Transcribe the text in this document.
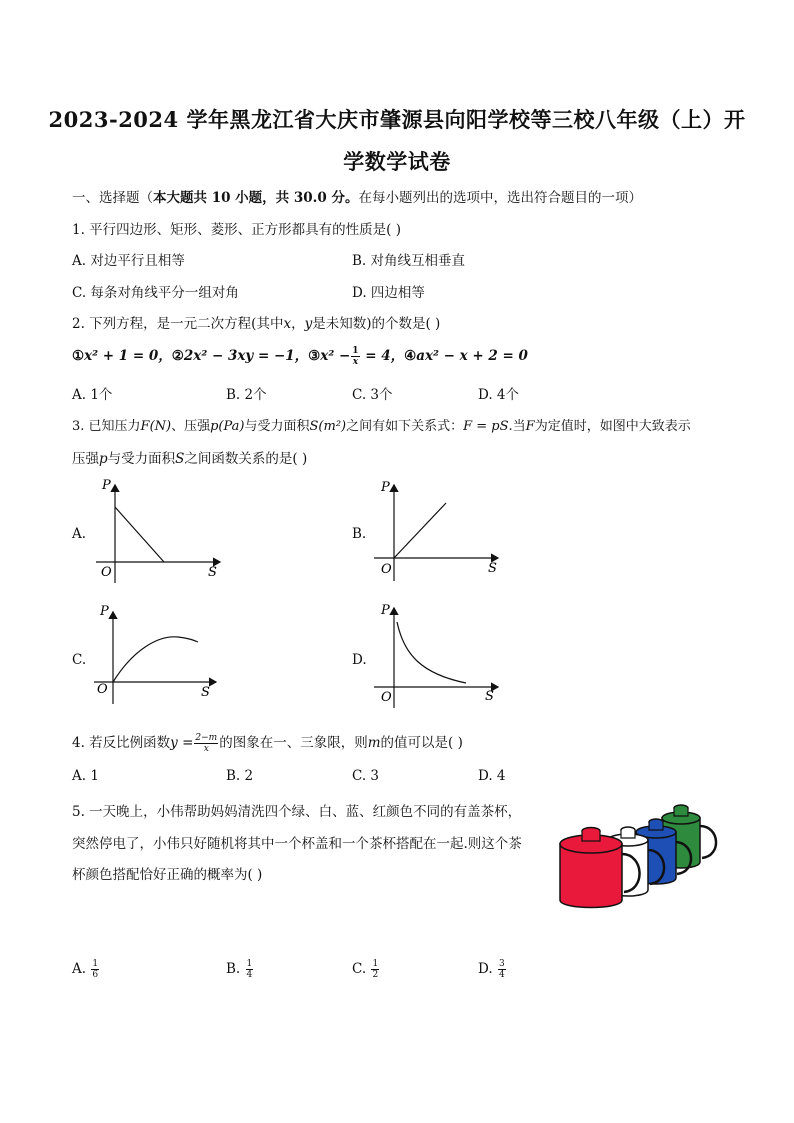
2023-2024 学年黑龙江省大庆市肇源县向阳学校等三校八年级（上）开
学数学试卷
一、选择题（本大题共 10 小题，共 30.0 分。在每小题列出的选项中，选出符合题目的一项）
1. 平行四边形、矩形、菱形、正方形都具有的性质是( )
A. 对边平行且相等	B. 对角线互相垂直
C. 每条对角线平分一组对角	D. 四边相等
2. 下列方程，是一元二次方程(其中x，y是未知数)的个数是( )
①x² + 1 = 0，②2x² − 3xy = −1，③x² − $\frac{1}{x} = 4$，④ax² − x + 2 = 0
A. 1个	B. 2个	C. 3个	D. 4个
3. 已知压力F(N)、压强p(Pa)与受力面积S(m²)之间有如下关系式：F = pS.当F为定值时，如图中大致表示
压强p与受力面积S之间函数关系的是( )
A.	B.
C.	D.
P
S
O
P
S
O
P
S
O
P
S
O
4. 若反比例函数$y = \frac{2-m}{x}$ 的图象在一、三象限，则m的值可以是( )
A. 1	B. 2	C. 3	D. 4
5. 一天晚上，小伟帮助妈妈清洗四个绿、白、蓝、红颜色不同的有盖茶杯，
突然停电了，小伟只好随机将其中一个杯盖和一个茶杯搭配在一起.则这个茶
杯颜色搭配恰好正确的概率为( )
A. $\frac{1}{6}$	B. $\frac{1}{4}$	C. $\frac{1}{2}$	D. $\frac{3}{4}$
